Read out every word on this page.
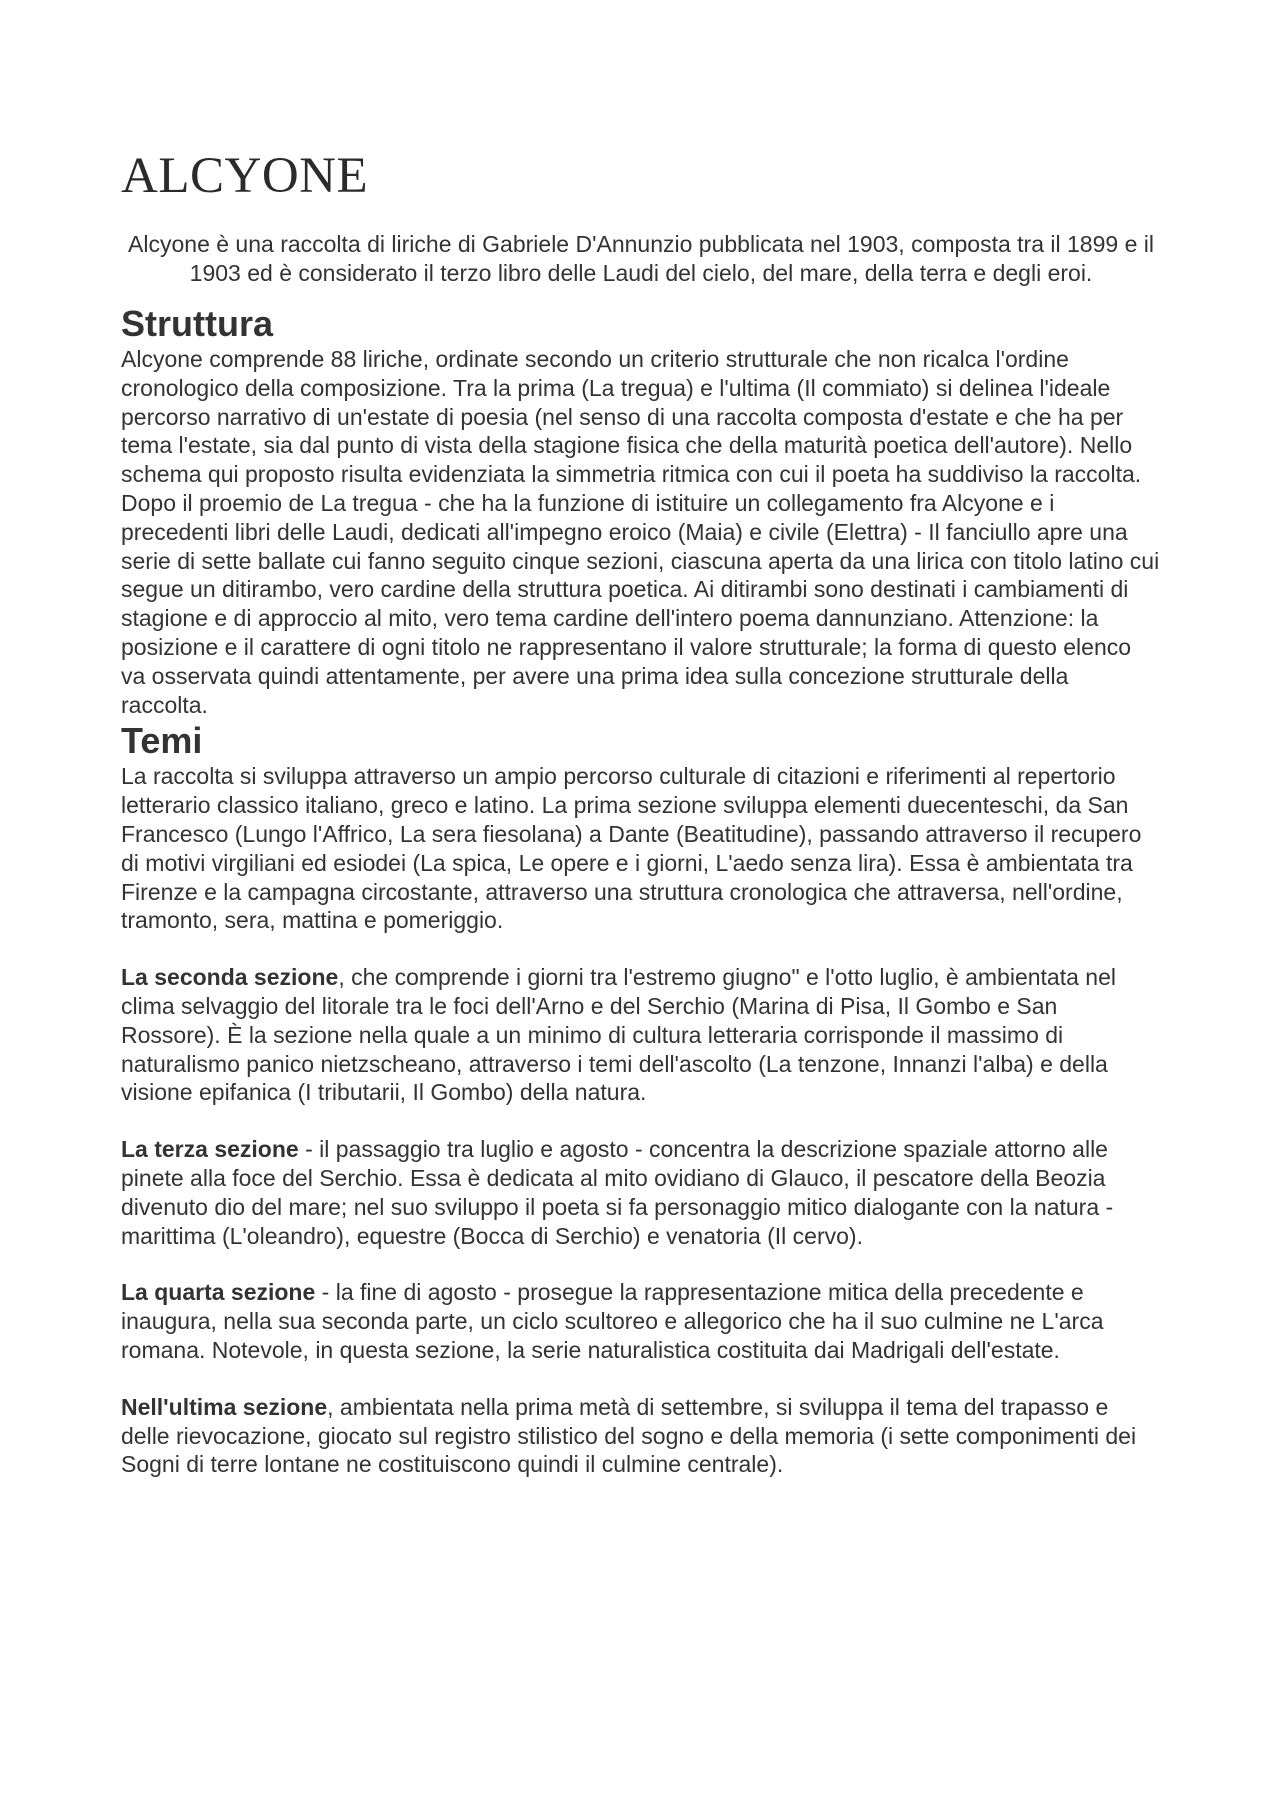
ALCYONE

Alcyone è una raccolta di liriche di Gabriele D'Annunzio pubblicata nel 1903, composta tra il 1899 e il 1903 ed è considerato il terzo libro delle Laudi del cielo, del mare, della terra e degli eroi.

Struttura

Alcyone comprende 88 liriche, ordinate secondo un criterio strutturale che non ricalca l'ordine cronologico della composizione. Tra la prima (La tregua) e l'ultima (Il commiato) si delinea l'ideale percorso narrativo di un'estate di poesia (nel senso di una raccolta composta d'estate e che ha per tema l'estate, sia dal punto di vista della stagione fisica che della maturità poetica dell'autore). Nello schema qui proposto risulta evidenziata la simmetria ritmica con cui il poeta ha suddiviso la raccolta. Dopo il proemio de La tregua - che ha la funzione di istituire un collegamento fra Alcyone e i precedenti libri delle Laudi, dedicati all'impegno eroico (Maia) e civile (Elettra) - Il fanciullo apre una serie di sette ballate cui fanno seguito cinque sezioni, ciascuna aperta da una lirica con titolo latino cui segue un ditirambo, vero cardine della struttura poetica. Ai ditirambi sono destinati i cambiamenti di stagione e di approccio al mito, vero tema cardine dell'intero poema dannunziano. Attenzione: la posizione e il carattere di ogni titolo ne rappresentano il valore strutturale; la forma di questo elenco va osservata quindi attentamente, per avere una prima idea sulla concezione strutturale della raccolta.

Temi

La raccolta si sviluppa attraverso un ampio percorso culturale di citazioni e riferimenti al repertorio letterario classico italiano, greco e latino. La prima sezione sviluppa elementi duecenteschi, da San Francesco (Lungo l'Affrico, La sera fiesolana) a Dante (Beatitudine), passando attraverso il recupero di motivi virgiliani ed esiodei (La spica, Le opere e i giorni, L'aedo senza lira). Essa è ambientata tra Firenze e la campagna circostante, attraverso una struttura cronologica che attraversa, nell'ordine, tramonto, sera, mattina e pomeriggio.

La seconda sezione, che comprende i giorni tra l'estremo giugno" e l'otto luglio, è ambientata nel clima selvaggio del litorale tra le foci dell'Arno e del Serchio (Marina di Pisa, Il Gombo e San Rossore). È la sezione nella quale a un minimo di cultura letteraria corrisponde il massimo di naturalismo panico nietzscheano, attraverso i temi dell'ascolto (La tenzone, Innanzi l'alba) e della visione epifanica (I tributarii, Il Gombo) della natura.

La terza sezione - il passaggio tra luglio e agosto - concentra la descrizione spaziale attorno alle pinete alla foce del Serchio. Essa è dedicata al mito ovidiano di Glauco, il pescatore della Beozia divenuto dio del mare; nel suo sviluppo il poeta si fa personaggio mitico dialogante con la natura - marittima (L'oleandro), equestre (Bocca di Serchio) e venatoria (Il cervo).

La quarta sezione - la fine di agosto - prosegue la rappresentazione mitica della precedente e inaugura, nella sua seconda parte, un ciclo scultoreo e allegorico che ha il suo culmine ne L'arca romana. Notevole, in questa sezione, la serie naturalistica costituita dai Madrigali dell'estate.

Nell'ultima sezione, ambientata nella prima metà di settembre, si sviluppa il tema del trapasso e delle rievocazione, giocato sul registro stilistico del sogno e della memoria (i sette componimenti dei Sogni di terre lontane ne costituiscono quindi il culmine centrale).
